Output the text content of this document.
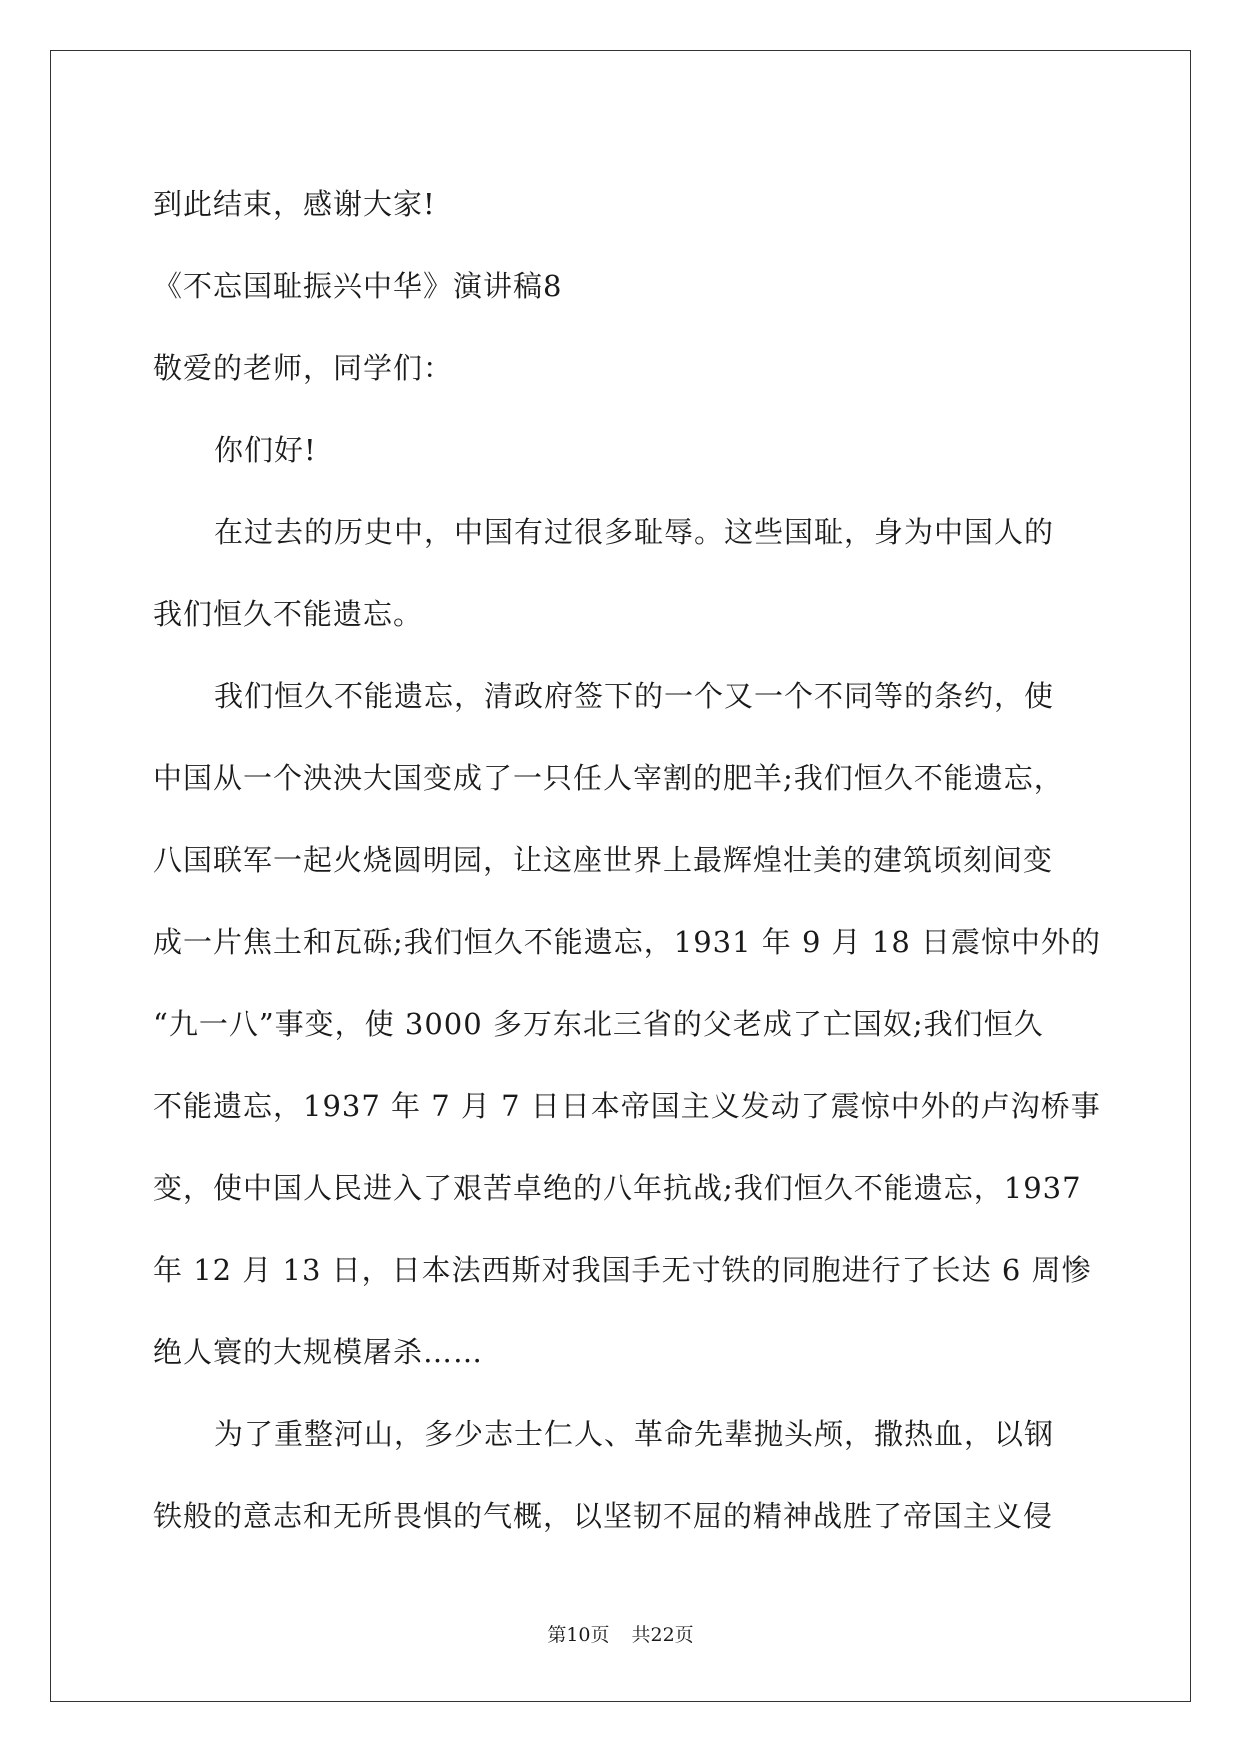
到此结束，感谢大家!
《不忘国耻振兴中华》演讲稿8
敬爱的老师，同学们：
你们好!
在过去的历史中，中国有过很多耻辱。这些国耻，身为中国人的
我们恒久不能遗忘。
我们恒久不能遗忘，清政府签下的一个又一个不同等的条约，使
中国从一个泱泱大国变成了一只任人宰割的肥羊;我们恒久不能遗忘，
八国联军一起火烧圆明园，让这座世界上最辉煌壮美的建筑顷刻间变
成一片焦土和瓦砾;我们恒久不能遗忘，1931 年 9 月 18 日震惊中外的
“九一八”事变，使 3000 多万东北三省的父老成了亡国奴;我们恒久
不能遗忘，1937 年 7 月 7 日日本帝国主义发动了震惊中外的卢沟桥事
变，使中国人民进入了艰苦卓绝的八年抗战;我们恒久不能遗忘，1937
年 12 月 13 日，日本法西斯对我国手无寸铁的同胞进行了长达 6 周惨
绝人寰的大规模屠杀……
为了重整河山，多少志士仁人、革命先辈抛头颅，撒热血，以钢
铁般的意志和无所畏惧的气概，以坚韧不屈的精神战胜了帝国主义侵
第10页 共22页
